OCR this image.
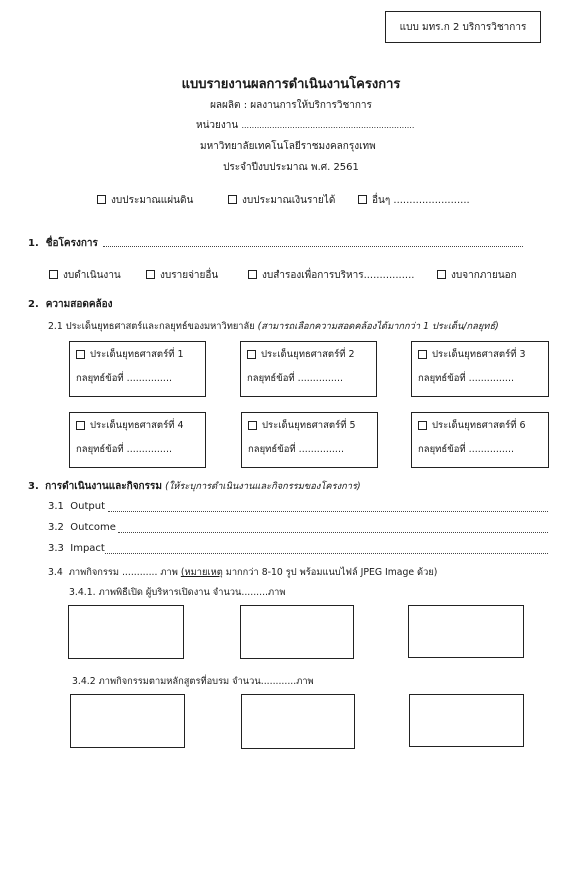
แบบ มทร.ก 2 บริการวิชาการ
แบบรายงานผลการดำเนินงานโครงการ
ผลผลิต : ผลงานการให้บริการวิชาการ
หน่วยงาน ....................................................................
มหาวิทยาลัยเทคโนโลยีราชมงคลกรุงเทพ
ประจำปีงบประมาณ พ.ศ. 2561
งบประมาณแผ่นดิน	งบประมาณเงินรายได้	อื่นๆ ........................
1. ชื่อโครงการ
งบดำเนินงาน	งบรายจ่ายอื่น	งบสำรองเพื่อการบริหาร................	งบจากภายนอก
2. ความสอดคล้อง
2.1 ประเด็นยุทธศาสตร์และกลยุทธ์ของมหาวิทยาลัย (สามารถเลือกความสอดคล้องได้มากกว่า 1 ประเด็น/กลยุทธ์)
ประเด็นยุทธศาสตร์ที่ 1
กลยุทธ์ข้อที่ ...............
ประเด็นยุทธศาสตร์ที่ 2
กลยุทธ์ข้อที่ ...............
ประเด็นยุทธศาสตร์ที่ 3
กลยุทธ์ข้อที่ ...............
ประเด็นยุทธศาสตร์ที่ 4
กลยุทธ์ข้อที่ ...............
ประเด็นยุทธศาสตร์ที่ 5
กลยุทธ์ข้อที่ ...............
ประเด็นยุทธศาสตร์ที่ 6
กลยุทธ์ข้อที่ ...............
3. การดำเนินงานและกิจกรรม (ให้ระบุการดำเนินงานและกิจกรรมของโครงการ)
3.1 Output
3.2 Outcome
3.3 Impact
3.4 ภาพกิจกรรม ............ ภาพ (หมายเหตุ มากกว่า 8-10 รูป พร้อมแนบไฟล์ JPEG Image ด้วย)
3.4.1. ภาพพิธีเปิด ผู้บริหารเปิดงาน จำนวน.........ภาพ
3.4.2 ภาพกิจกรรมตามหลักสูตรที่อบรม จำนวน............ภาพ
